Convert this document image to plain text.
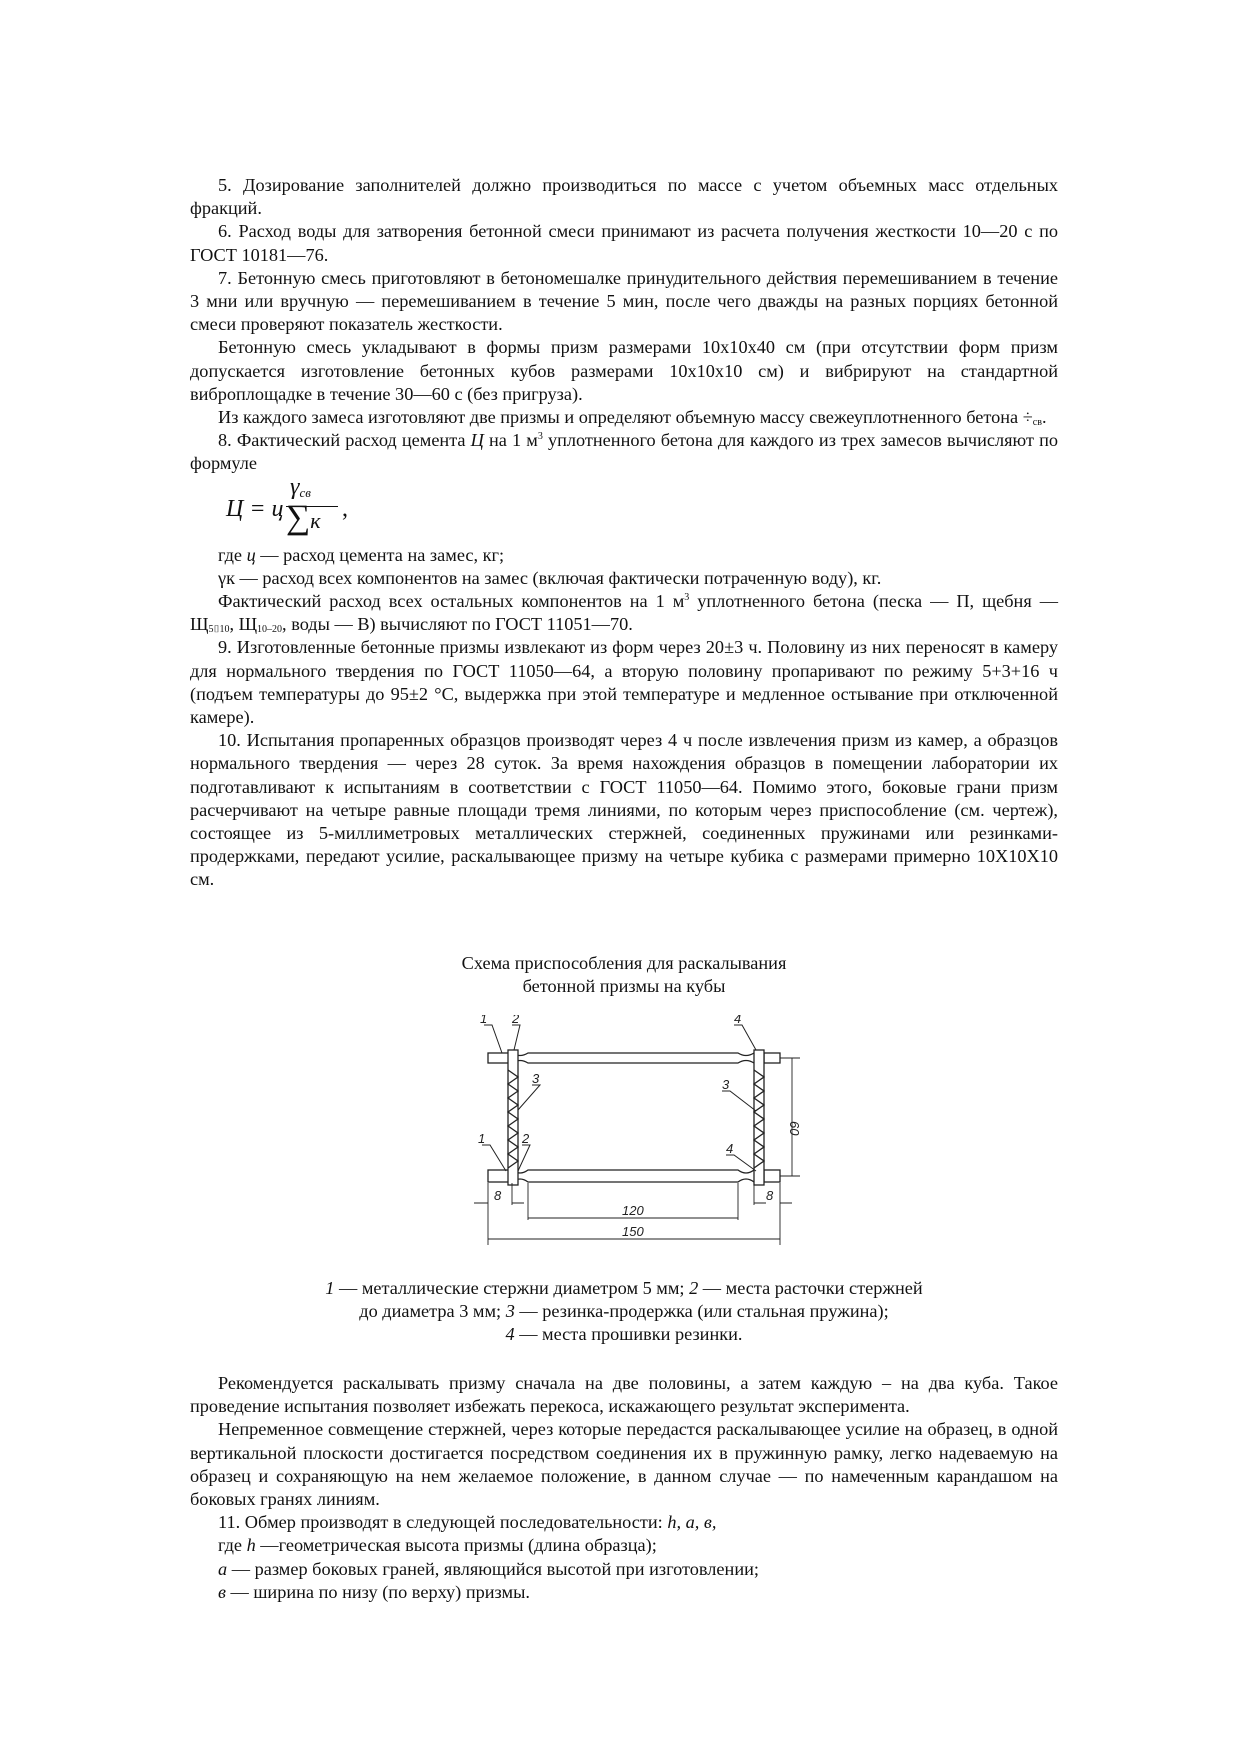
5. Дозирование заполнителей должно производиться по массе с учетом объемных масс отдельных фракций.

6. Расход воды для затворения бетонной смеси принимают из расчета получения жесткости 10—20 с по ГОСТ 10181—76.

7. Бетонную смесь приготовляют в бетономешалке принудительного действия перемешиванием в течение 3 мни или вручную — перемешиванием в течение 5 мин, после чего дважды на разных порциях бетонной смеси проверяют показатель жесткости.

Бетонную смесь укладывают в формы призм размерами 10х10х40 см (при отсутствии форм призм допускается изготовление бетонных кубов размерами 10х10х10 см) и вибрируют на стандартной виброплощадке в течение 30—60 с (без пригруза).

Из каждого замеса изготовляют две призмы и определяют объемную массу свежеуплотненного бетона $\div_{св}$.

8. Фактический расход цемента Ц на 1 $м^3$ уплотненного бетона для каждого из трех замесов вычисляют по формуле

Ц = ц
$\gamma_{св}$
∑к ,

где ц — расход цемента на замес, кг;

γк — расход всех компонентов на замес (включая фактически потраченную воду), кг.

Фактический расход всех остальных компонентов на 1 $м^3$ уплотненного бетона (песка — П, щебня — $Щ_{5⌷10}$, $Щ_{10-20}$, воды — В) вычисляют по ГОСТ 11051—70.

9. Изготовленные бетонные призмы извлекают из форм через 20±3 ч. Половину из них переносят в камеру для нормального твердения по ГОСТ 11050—64, а вторую половину пропаривают по режиму 5+3+16 ч (подъем температуры до 95±2 °С, выдержка при этой температуре и медленное остывание при отключенной камере).

10. Испытания пропаренных образцов производят через 4 ч после извлечения призм из камер, а образцов нормального твердения — через 28 суток. За время нахождения образцов в помещении лаборатории их подготавливают к испытаниям в соответствии с ГОСТ 11050—64. Помимо этого, боковые грани призм расчерчивают на четыре равные площади тремя линиями, по которым через приспособление (см. чертеж), состоящее из 5-миллиметровых металлических стержней, соединенных пружинами или резинками-продержками, передают усилие, раскалывающее призму на четыре кубика с размерами примерно 10Х10Х10 см.

Схема приспособления для раскалывания

бетонной призмы на кубы

1 2	4
3	3
1	2
4
8	8
120
150
60

1 — металлические стержни диаметром 5 мм; 2 — места расточки стержней

до диаметра 3 мм; 3 — резинка-продержка (или стальная пружина);

4 — места прошивки резинки.

Рекомендуется раскалывать призму сначала на две половины, а затем каждую – на два куба. Такое проведение испытания позволяет избежать перекоса, искажающего результат эксперимента.

Непременное совмещение стержней, через которые передастся раскалывающее усилие на образец, в одной вертикальной плоскости достигается посредством соединения их в пружинную рамку, легко надеваемую на образец и сохраняющую на нем желаемое положение, в данном случае — по намеченным карандашом на боковых гранях линиям.

11. Обмер производят в следующей последовательности: h, a, в,

где h —геометрическая высота призмы (длина образца);

а — размер боковых граней, являющийся высотой при изготовлении;

в — ширина по низу (по верху) призмы.
